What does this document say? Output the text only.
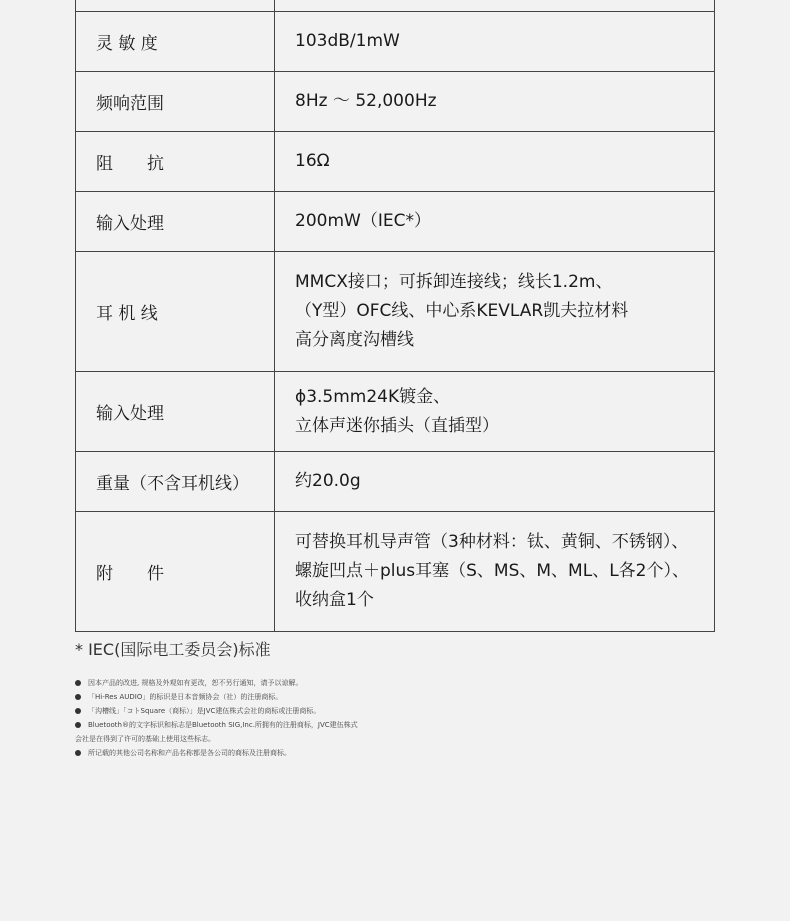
灵 敏 度	103dB/1mW

频响范围	8Hz ～ 52,000Hz

阻　　抗	16Ω

输入处理	200mW（IEC*）

耳 机 线	MMCX接口；可拆卸连接线；线长1.2m、
（Y型）OFC线、中心系KEVLAR凯夫拉材料
高分离度沟槽线

输入处理	ϕ3.5mm24K镀金、
立体声迷你插头（直插型）

重量（不含耳机线）	约20.0g

附　　件	可替换耳机导声管（3种材料：钛、黄铜、不锈钢）、
螺旋凹点＋plus耳塞（S、MS、M、ML、L各2个）、
收纳盒1个
* IEC(国际电工委员会)标准
因本产品的改进, 规格及外观如有更改，恕不另行通知，请予以谅解。
「Hi-Res AUDIO」的标识是日本音频协会（社）的注册商标。
「沟槽线」「コトSquare（商标）」是JVC建伍株式会社的商标或注册商标。
Bluetooth®的文字标识和标志是Bluetooth SIG,Inc.所拥有的注册商标，JVC建伍株式
会社是在得到了许可的基础上使用这些标志。
所记载的其他公司名称和产品名称都是各公司的商标及注册商标。
